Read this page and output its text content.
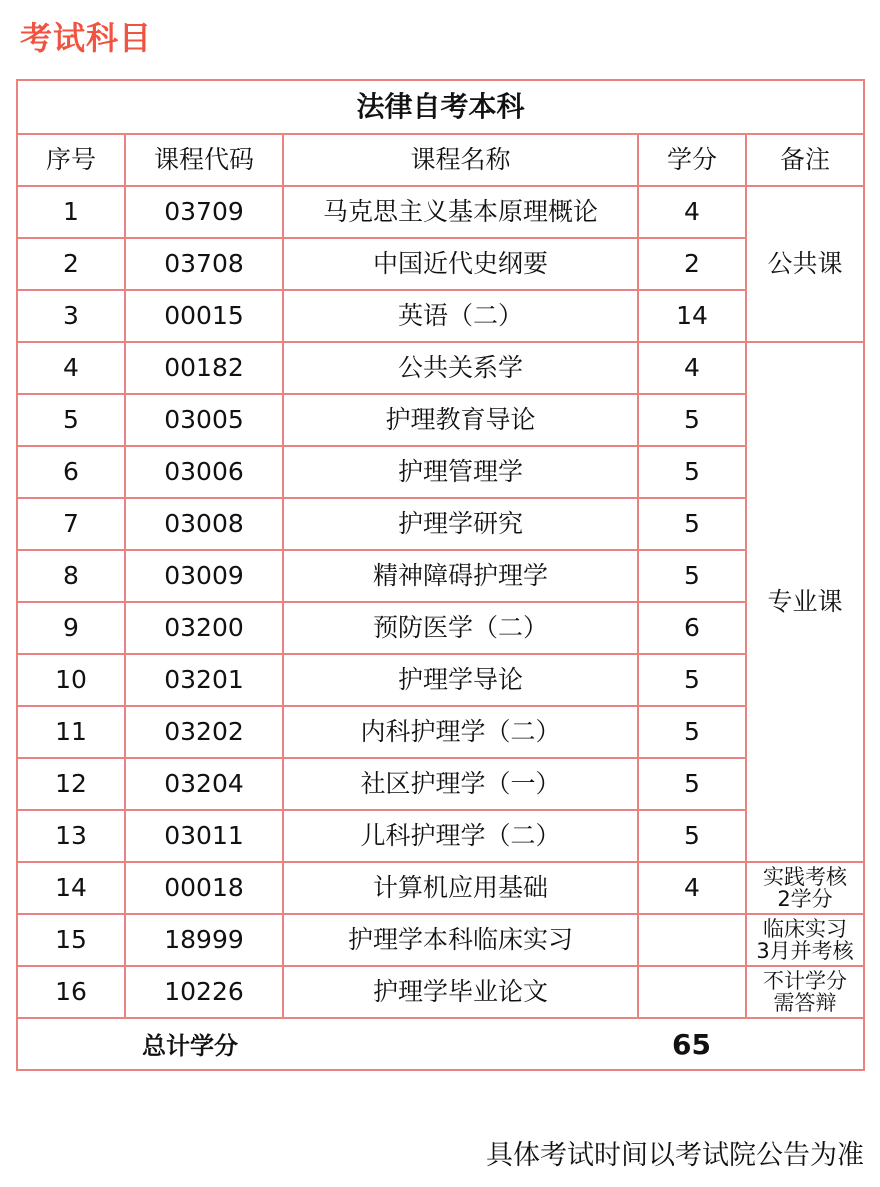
考试科目
法律自考本科				
序号	课程代码	课程名称	学分	备注
1	03709	马克思主义基本原理概论	4	公共课
2	03708	中国近代史纲要	2	
3	00015	英语（二）	14	
4	00182	公共关系学	4	专业课
5	03005	护理教育导论	5	
6	03006	护理管理学	5	
7	03008	护理学研究	5	
8	03009	精神障碍护理学	5	
9	03200	预防医学（二）	6	
10	03201	护理学导论	5	
11	03202	内科护理学（二）	5	
12	03204	社区护理学（一）	5	
13	03011	儿科护理学（二）	5	
14	00018	计算机应用基础	4	实践考核
2学分
15	18999	护理学本科临床实习		临床实习
3月并考核
16	10226	护理学毕业论文		不计学分
需答辩

总计学分 65				
具体考试时间以考试院公告为准
